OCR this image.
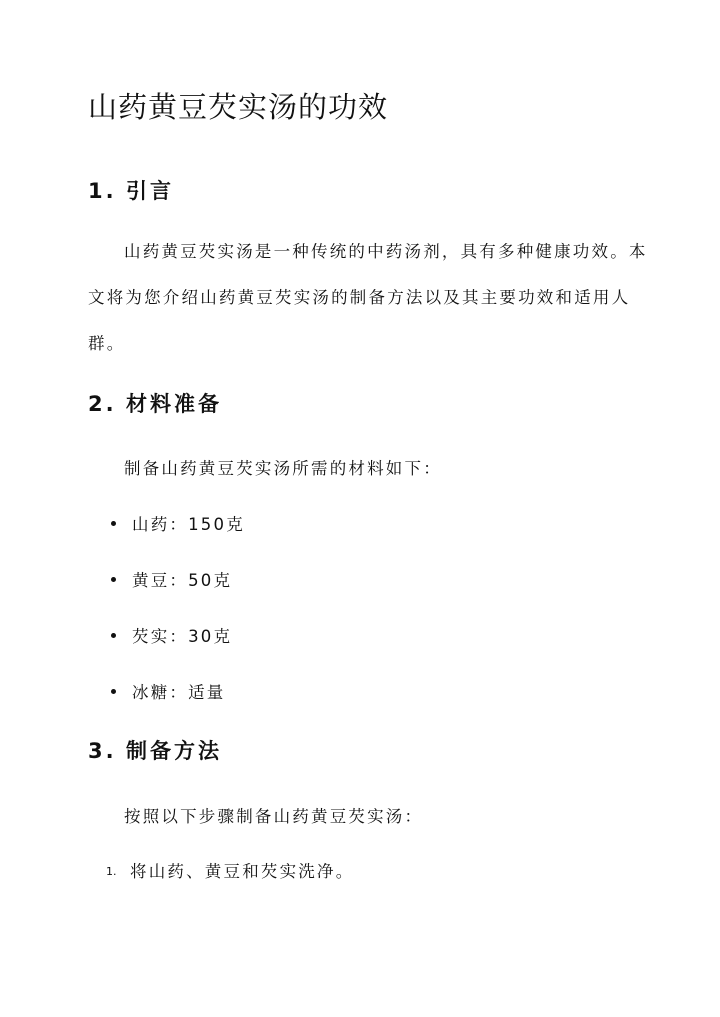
山药黄豆芡实汤的功效
1. 引言

山药黄豆芡实汤是一种传统的中药汤剂，具有多种健康功效。本文将为您介绍山药黄豆芡实汤的制备方法以及其主要功效和适用人群。

2. 材料准备

制备山药黄豆芡实汤所需的材料如下：

山药：150克
黄豆：50克
芡实：30克
冰糖：适量
3. 制备方法

按照以下步骤制备山药黄豆芡实汤：

1. 将山药、黄豆和芡实洗净。
